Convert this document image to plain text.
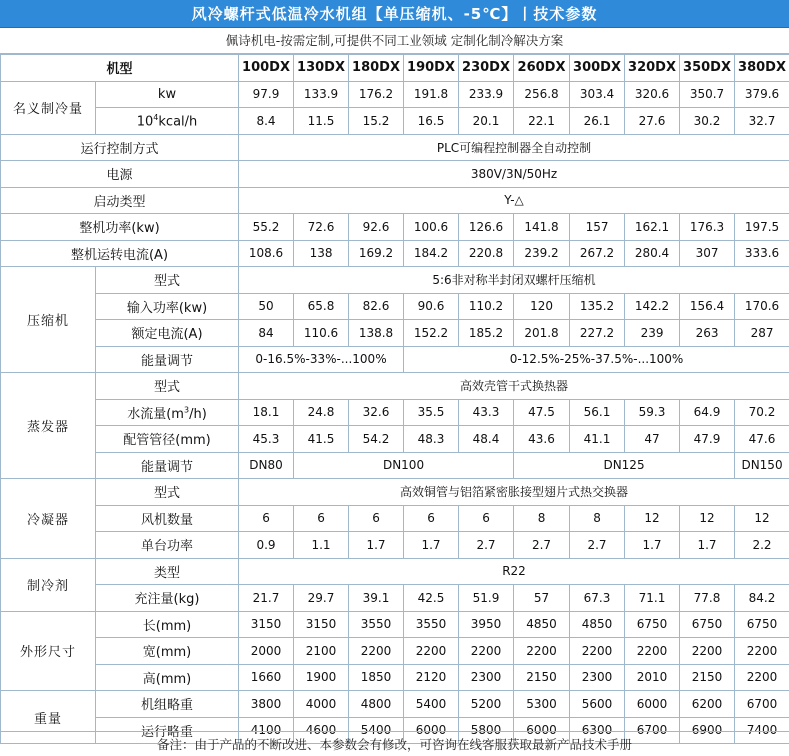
风冷螺杆式低温冷水机组【单压缩机、-5℃】丨技术参数
佩诗机电-按需定制,可提供不同工业领域 定制化制冷解决方案
机型		100DX	130DX	180DX	190DX	230DX	260DX	300DX	320DX	350DX	380DX
名义制冷量	kw	97.9	133.9	176.2	191.8	233.9	256.8	303.4	320.6	350.7	379.6
	$10^4kcal/h$	8.4	11.5	15.2	16.5	20.1	22.1	26.1	27.6	30.2	32.7
运行控制方式		PLC可编程控制器全自动控制									
电源		380V/3N/50Hz									
启动类型		Y-△									
整机功率(kw)		55.2	72.6	92.6	100.6	126.6	141.8	157	162.1	176.3	197.5
整机运转电流(A)		108.6	138	169.2	184.2	220.8	239.2	267.2	280.4	307	333.6
压缩机	型式	5:6非对称半封闭双螺杆压缩机									
	输入功率(kw)	50	65.8	82.6	90.6	110.2	120	135.2	142.2	156.4	170.6
	额定电流(A)	84	110.6	138.8	152.2	185.2	201.8	227.2	239	263	287
	能量调节	0-16.5%-33%-...100%			0-12.5%-25%-37.5%-...100%						
蒸发器	型式	高效壳管干式换热器									
	水流量$(m^3/h)$	18.1	24.8	32.6	35.5	43.3	47.5	56.1	59.3	64.9	70.2
	配管管径(mm)	45.3	41.5	54.2	48.3	48.4	43.6	41.1	47	47.9	47.6
	能量调节	DN80	DN100				DN125				DN150
冷凝器	型式	高效铜管与铝箔紧密胀接型翅片式热交换器									
	风机数量	6	6	6	6	6	8	8	12	12	12
	单台功率	0.9	1.1	1.7	1.7	2.7	2.7	2.7	1.7	1.7	2.2
制冷剂	类型	R22									
	充注量(kg)	21.7	29.7	39.1	42.5	51.9	57	67.3	71.1	77.8	84.2
外形尺寸	长(mm)	3150	3150	3550	3550	3950	4850	4850	6750	6750	6750
	宽(mm)	2000	2100	2200	2200	2200	2200	2200	2200	2200	2200
	高(mm)	1660	1900	1850	2120	2300	2150	2300	2010	2150	2200
重量	机组略重	3800	4000	4800	5400	5200	5300	5600	6000	6200	6700
	运行略重	4100	4600	5400	6000	5800	6000	6300	6700	6900	7400
备注：由于产品的不断改进、本参数会有修改，可咨询在线客服获取最新产品技术手册
